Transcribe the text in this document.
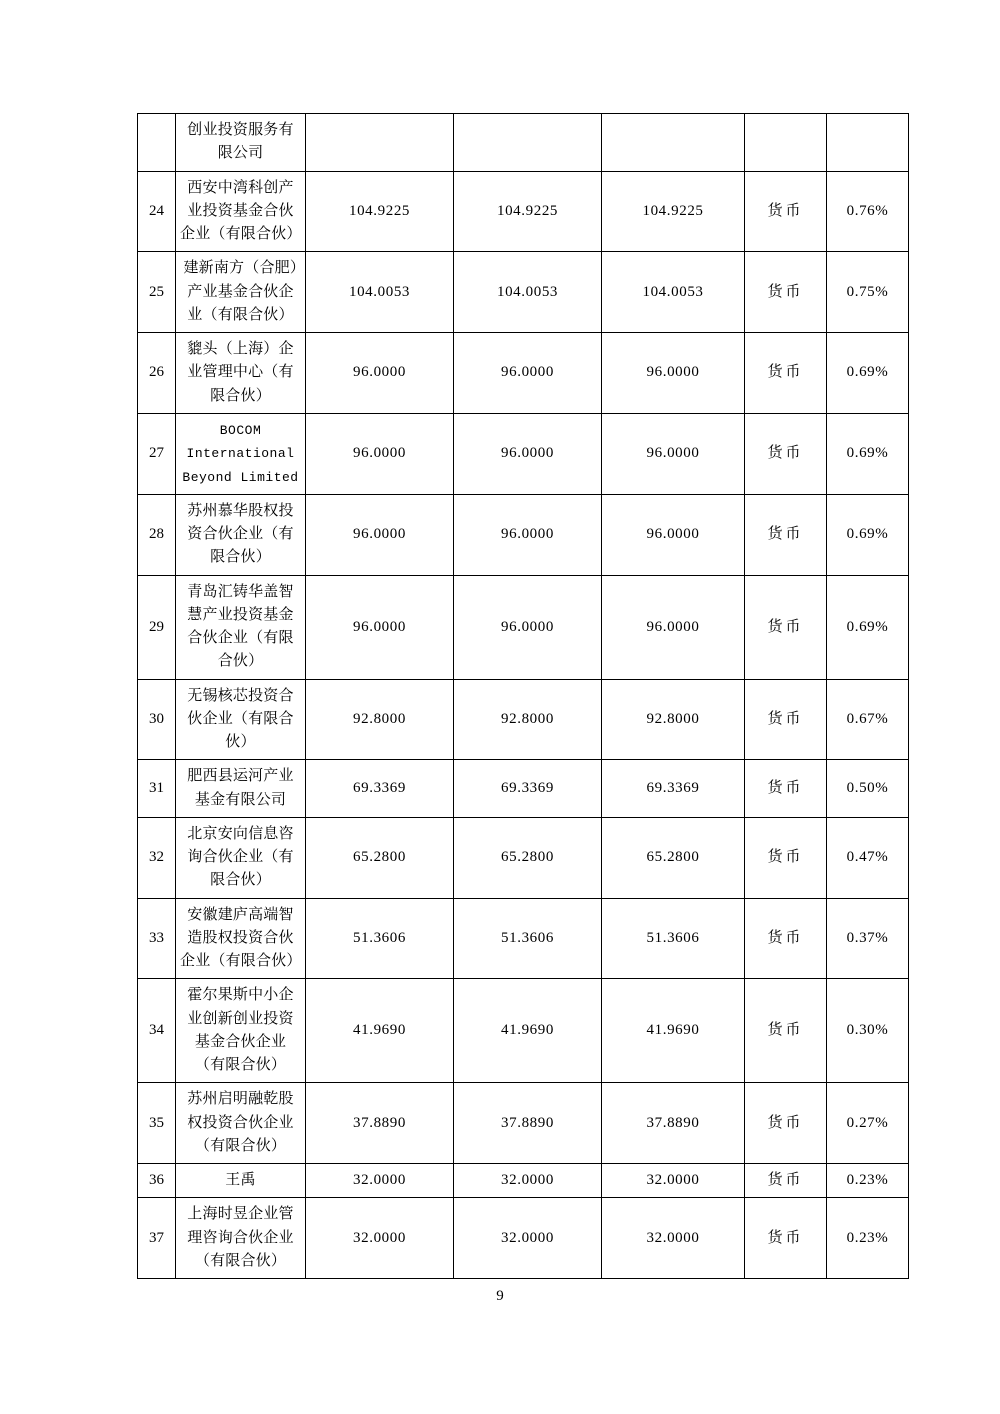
	创业投资服务有限公司					
24	西安中湾科创产业投资基金合伙企业（有限合伙）	104.9225	104.9225	104.9225	货币	0.76%
25	建新南方（合肥）产业基金合伙企业（有限合伙）	104.0053	104.0053	104.0053	货币	0.75%
26	貔头（上海）企业管理中心（有限合伙）	96.0000	96.0000	96.0000	货币	0.69%
27	BOCOM International Beyond Limited	96.0000	96.0000	96.0000	货币	0.69%
28	苏州慕华股权投资合伙企业（有限合伙）	96.0000	96.0000	96.0000	货币	0.69%
29	青岛汇铸华盖智慧产业投资基金合伙企业（有限合伙）	96.0000	96.0000	96.0000	货币	0.69%
30	无锡核芯投资合伙企业（有限合伙）	92.8000	92.8000	92.8000	货币	0.67%
31	肥西县运河产业基金有限公司	69.3369	69.3369	69.3369	货币	0.50%
32	北京安向信息咨询合伙企业（有限合伙）	65.2800	65.2800	65.2800	货币	0.47%
33	安徽建庐高端智造股权投资合伙企业（有限合伙）	51.3606	51.3606	51.3606	货币	0.37%
34	霍尔果斯中小企业创新创业投资基金合伙企业（有限合伙）	41.9690	41.9690	41.9690	货币	0.30%
35	苏州启明融乾股权投资合伙企业（有限合伙）	37.8890	37.8890	37.8890	货币	0.27%
36	王禹	32.0000	32.0000	32.0000	货币	0.23%
37	上海时昱企业管理咨询合伙企业（有限合伙）	32.0000	32.0000	32.0000	货币	0.23%
9
